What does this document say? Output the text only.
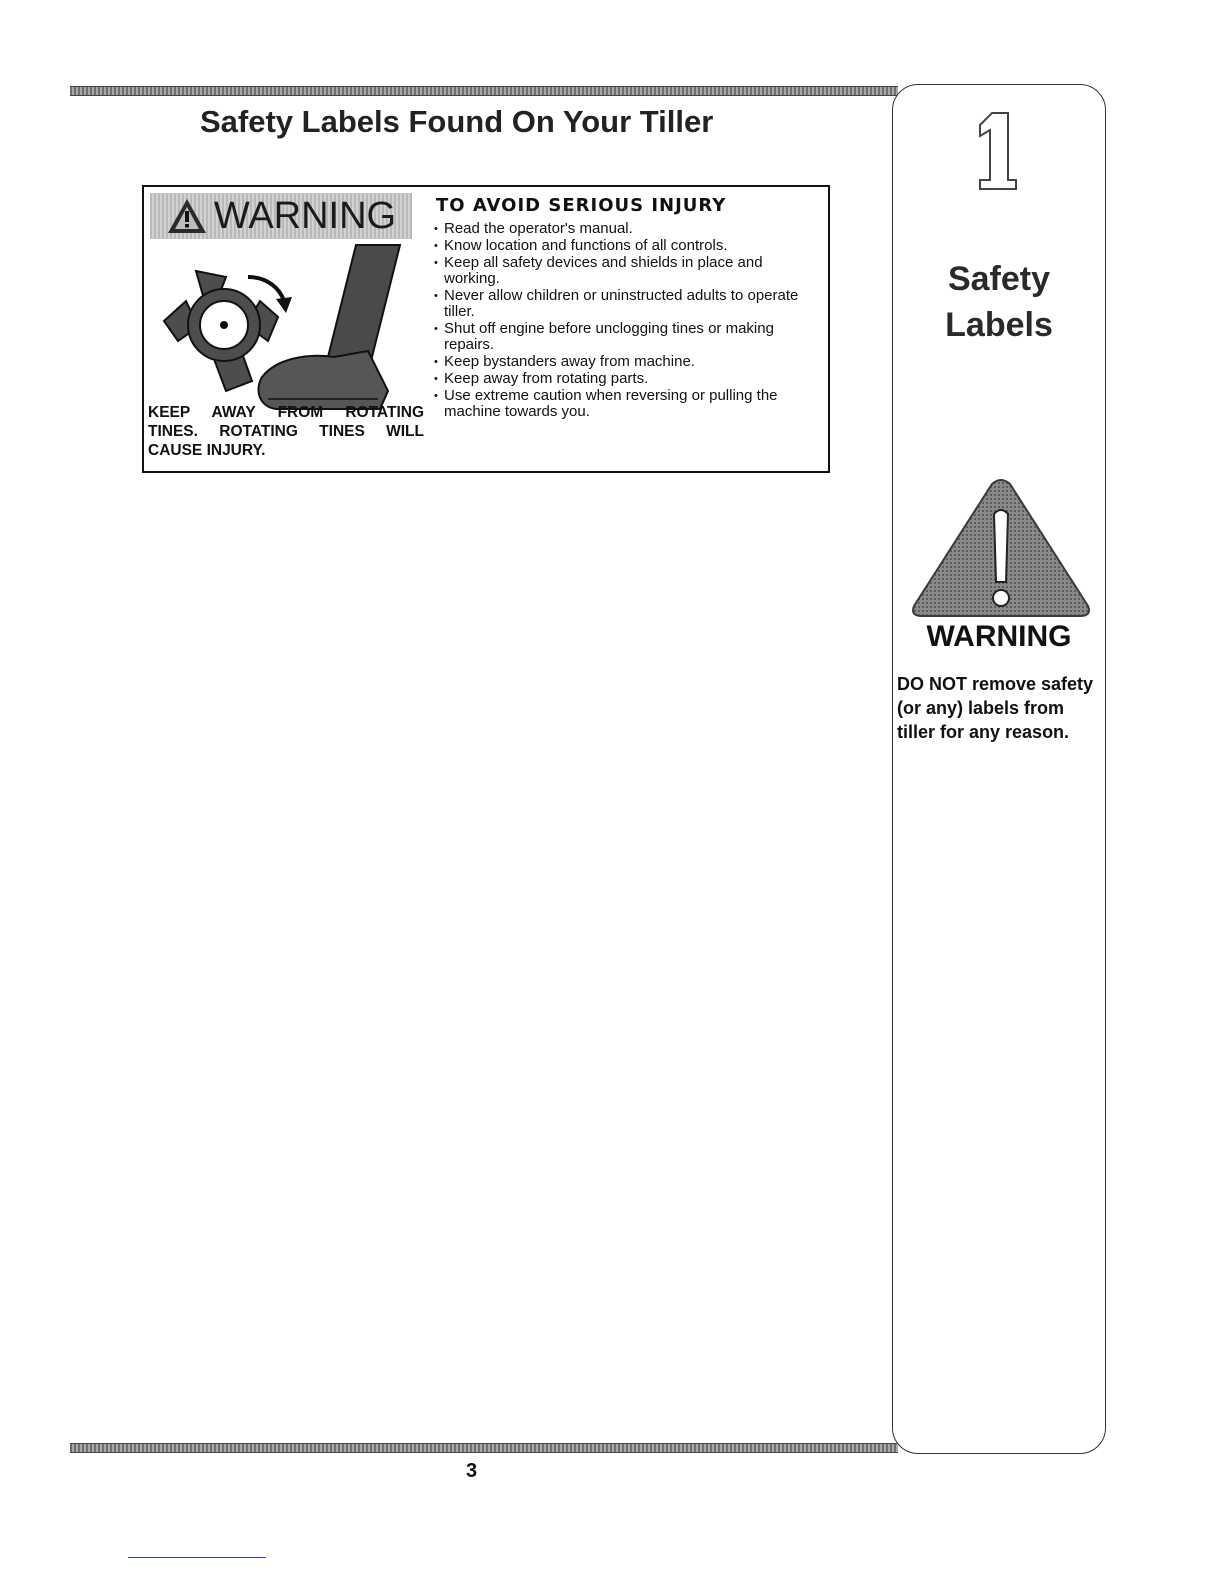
Safety Labels Found On Your Tiller
WARNING
KEEP AWAY FROM ROTATING TINES. ROTATING TINES WILL CAUSE INJURY.
TO AVOID SERIOUS INJURY
• Read the operator's manual.
• Know location and functions of all controls.
• Keep all safety devices and shields in place and working.
• Never allow children or uninstructed adults to operate tiller.
• Shut off engine before unclogging tines or making repairs.
• Keep bystanders away from machine.
• Keep away from rotating parts.
• Use extreme caution when reversing or pulling the machine towards you.
1
Safety
Labels
WARNING
DO NOT remove safety (or any) labels from tiller for any reason.
3
